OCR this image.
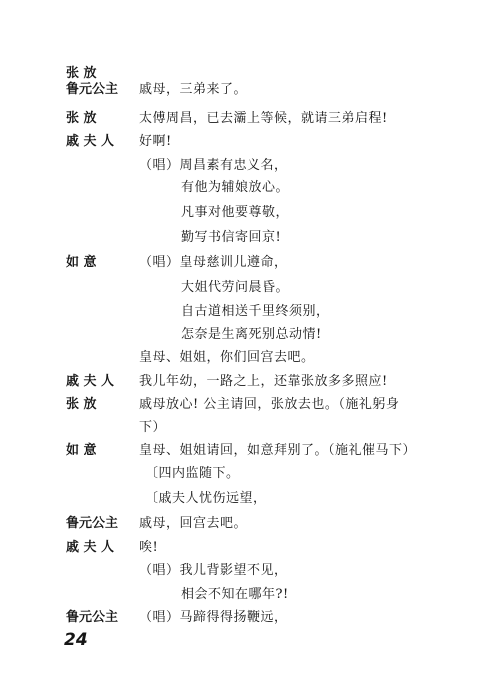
张 放
鲁元公主 戚母，三弟来了。
张 放	太傅周昌，已去灞上等候，就请三弟启程!
戚 夫 人 好啊!
（唱）周昌素有忠义名，
有他为辅娘放心。
凡事对他要尊敬，
勤写书信寄回京!
如 意	（唱）皇母慈训儿遵命，
大姐代劳问晨昏。
自古道相送千里终须别，
怎奈是生离死别总动情!
皇母、姐姐，你们回宫去吧。
戚 夫 人 我儿年幼，一路之上，还靠张放多多照应!
张 放	戚母放心! 公主请回，张放去也。（施礼躬身
下）
如 意	皇母、姐姐请回，如意拜别了。（施礼催马下）
〔四内监随下。
〔戚夫人忧伤远望，
鲁元公主 戚母，回宫去吧。
戚 夫 人 唉!
（唱）我儿背影望不见，
相会不知在哪年?!
鲁元公主 （唱）马蹄得得扬鞭远，
24
